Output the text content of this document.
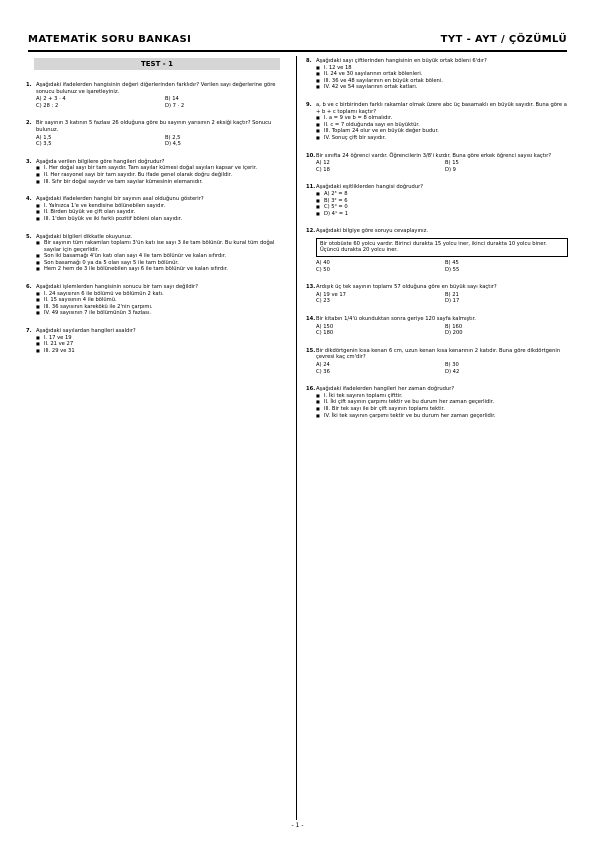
MATEMATİK SORU BANKASI	TYT - AYT / ÇÖZÜMLÜ
TEST - 1
1. Aşağıdaki ifadelerden hangisinin değeri diğerlerinden farklıdır? Verilen sayı değerlerine göre sonucu bulunuz ve işaretleyiniz.
A) 2 + 3 · 4	B) 14
C) 28 : 2	D) 7 · 2
2. Bir sayının 3 katının 5 fazlası 26 olduğuna göre bu sayının yarısının 2 eksiği kaçtır? Sonucu bulunuz.
A) 1,5	B) 2,5
C) 3,5	D) 4,5
3. Aşağıda verilen bilgilere göre hangileri doğrudur?
■ I. Her doğal sayı bir tam sayıdır. Tam sayılar kümesi doğal sayıları kapsar ve içerir.
■ II. Her rasyonel sayı bir tam sayıdır. Bu ifade genel olarak doğru değildir.
■ III. Sıfır bir doğal sayıdır ve tam sayılar kümesinin elemanıdır.
4. Aşağıdaki ifadelerden hangisi bir sayının asal olduğunu gösterir?
■ I. Yalnızca 1'e ve kendisine bölünebilen sayıdır.
■ II. Birden büyük ve çift olan sayıdır.
■ III. 1'den büyük ve iki farklı pozitif böleni olan sayıdır.
5. Aşağıdaki bilgileri dikkatle okuyunuz.
■ Bir sayının tüm rakamları toplamı 3'ün katı ise sayı 3 ile tam bölünür. Bu kural tüm doğal sayılar için geçerlidir.
■ Son iki basamağı 4'ün katı olan sayı 4 ile tam bölünür ve kalan sıfırdır.
■ Son basamağı 0 ya da 5 olan sayı 5 ile tam bölünür.
■ Hem 2 hem de 3 ile bölünebilen sayı 6 ile tam bölünür ve kalan sıfırdır.
6. Aşağıdaki işlemlerden hangisinin sonucu bir tam sayı değildir?
■ I. 24 sayısının 6 ile bölümü ve bölümün 2 katı.
■ II. 15 sayısının 4 ile bölümü.
■ III. 36 sayısının karekökü ile 2'nin çarpımı.
■ IV. 49 sayısının 7 ile bölümünün 3 fazlası.
7. Aşağıdaki sayılardan hangileri asaldır?
■ I. 17 ve 19
■ II. 21 ve 27
■ III. 29 ve 31
8. Aşağıdaki sayı çiftlerinden hangisinin en büyük ortak böleni 6'dır?
■ I. 12 ve 18
■ II. 24 ve 30 sayılarının ortak bölenleri.
■ III. 36 ve 48 sayılarının en büyük ortak böleni.
■ IV. 42 ve 54 sayılarının ortak katları.
9. a, b ve c birbirinden farklı rakamlar olmak üzere abc üç basamaklı en büyük sayıdır. Buna göre a + b + c toplamı kaçtır?
■ I. a = 9 ve b = 8 olmalıdır.
■ II. c = 7 olduğunda sayı en büyüktür.
■ III. Toplam 24 olur ve en büyük değer budur.
■ IV. Sonuç çift bir sayıdır.
10. Bir sınıfta 24 öğrenci vardır. Öğrencilerin 3/8'i kızdır. Buna göre erkek öğrenci sayısı kaçtır?
A) 12	B) 15
C) 18	D) 9
11. Aşağıdaki eşitliklerden hangisi doğrudur?
■ A) 2³ = 8
■ B) 3² = 6
■ C) 5⁰ = 0
■ D) 4¹ = 1
12. Aşağıdaki bilgiye göre soruyu cevaplayınız.
Bir otobüste 60 yolcu vardır. Birinci durakta 15 yolcu iner, ikinci durakta 10 yolcu biner. Üçüncü durakta 20 yolcu iner.
A) 40	B) 45
C) 50	D) 55
13. Ardışık üç tek sayının toplamı 57 olduğuna göre en büyük sayı kaçtır?
A) 19 ve 17	B) 21
C) 23	D) 17
14. Bir kitabın 1/4'ü okunduktan sonra geriye 120 sayfa kalmıştır.
A) 150	B) 160
C) 180	D) 200
15. Bir dikdörtgenin kısa kenarı 6 cm, uzun kenarı kısa kenarının 2 katıdır. Buna göre dikdörtgenin çevresi kaç cm'dir?
A) 24	B) 30
C) 36	D) 42
16. Aşağıdaki ifadelerden hangileri her zaman doğrudur?
■ I. İki tek sayının toplamı çifttir.
■ II. İki çift sayının çarpımı tektir ve bu durum her zaman geçerlidir.
■ III. Bir tek sayı ile bir çift sayının toplamı tektir.
■ IV. İki tek sayının çarpımı tektir ve bu durum her zaman geçerlidir.
- 1 -
